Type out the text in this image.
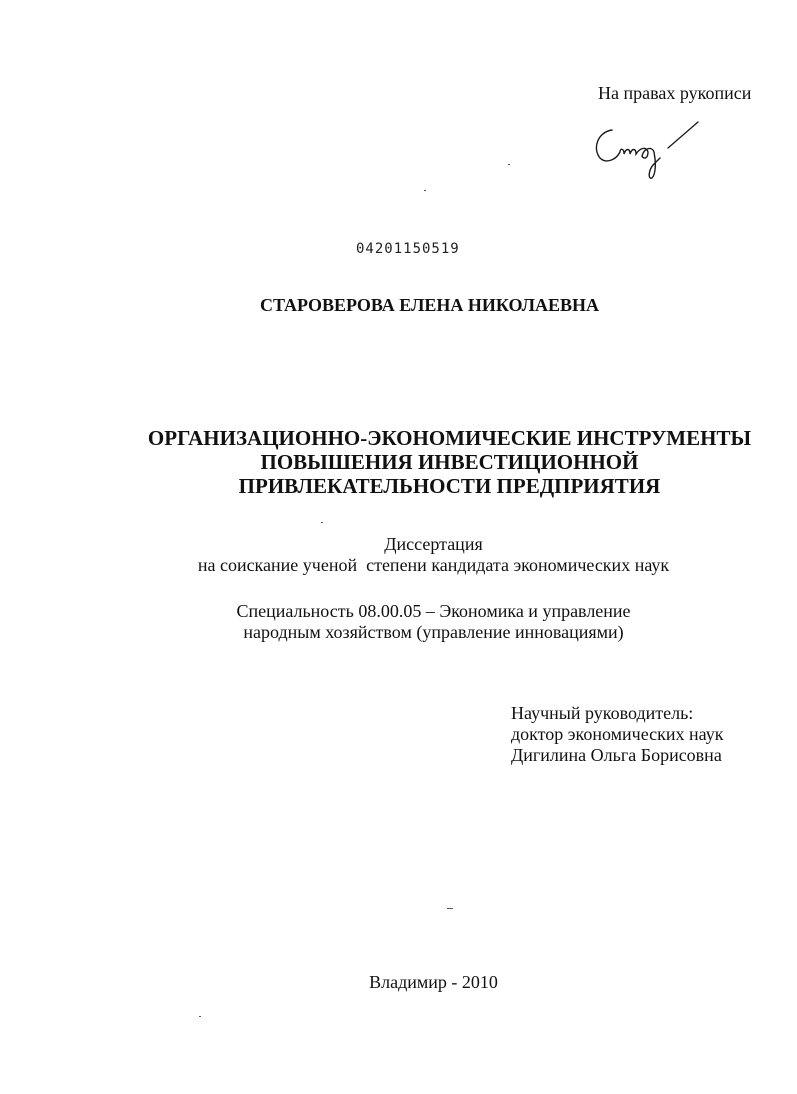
На правах рукописи
04201150519
СТАРОВЕРОВА ЕЛЕНА НИКОЛАЕВНА
ОРГАНИЗАЦИОННО-ЭКОНОМИЧЕСКИЕ ИНСТРУМЕНТЫ
ПОВЫШЕНИЯ ИНВЕСТИЦИОННОЙ
ПРИВЛЕКАТЕЛЬНОСТИ ПРЕДПРИЯТИЯ
Диссертация
на соискание ученой  степени кандидата экономических наук
Специальность 08.00.05 – Экономика и управление
народным хозяйством (управление инновациями)
Научный руководитель:
доктор экономических наук
Дигилина Ольга Борисовна
Владимир - 2010
